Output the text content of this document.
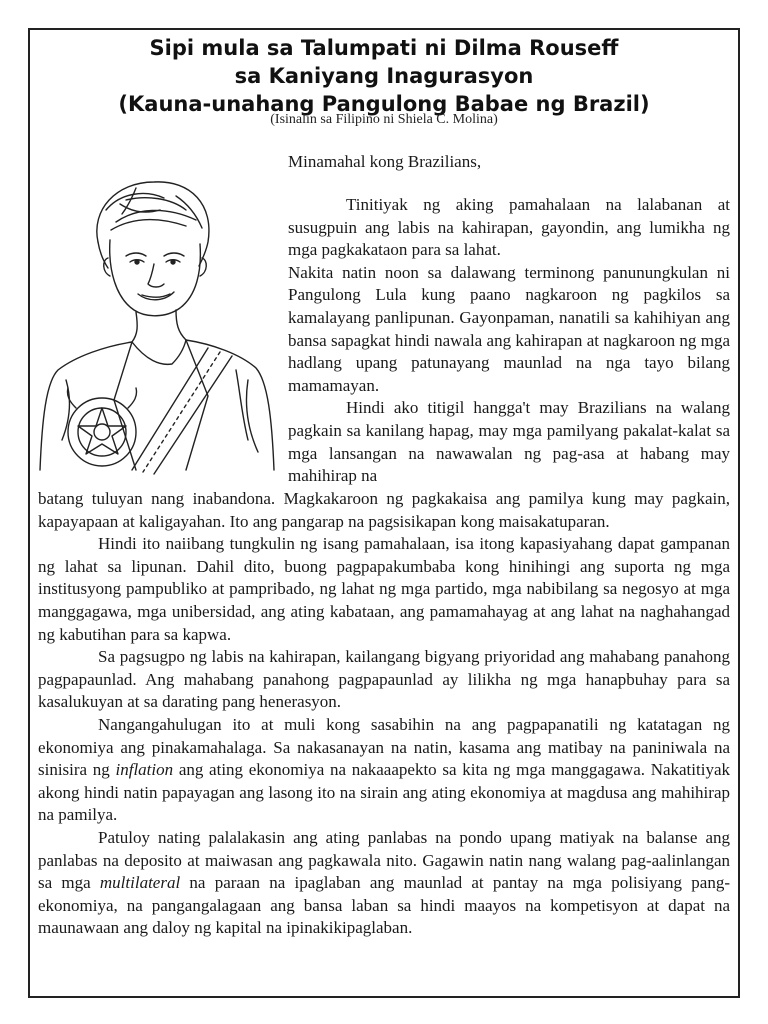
Sipi mula sa Talumpati ni Dilma Rouseff
sa Kaniyang Inagurasyon
(Kauna-unahang Pangulong Babae ng Brazil)
(Isinalin sa Filipino ni Shiela C. Molina)
Minamahal kong Brazilians,

Tinitiyak ng aking pamahalaan na lalabanan at susugpuin ang labis na kahirapan, gayondin, ang lumikha ng mga pagkakataon para sa lahat.

Nakita natin noon sa dalawang terminong panunungkulan ni Pangulong Lula kung paano nagkaroon ng pagkilos sa kamalayang panlipunan. Gayonpaman, nanatili sa kahihiyan ang bansa sapagkat hindi nawala ang kahirapan at nagkaroon ng mga hadlang upang patunayang maunlad na nga tayo bilang mamamayan.

Hindi ako titigil hangga't may Brazilians na walang pagkain sa kanilang hapag, may mga pamilyang pakalat-kalat sa mga lansangan na nawawalan ng pag-asa at habang may mahihirap na

batang tuluyan nang inabandona. Magkakaroon ng pagkakaisa ang pamilya kung may pagkain, kapayapaan at kaligayahan. Ito ang pangarap na pagsisikapan kong maisakatuparan.

Hindi ito naiibang tungkulin ng isang pamahalaan, isa itong kapasiyahang dapat gampanan ng lahat sa lipunan. Dahil dito, buong pagpapakumbaba kong hinihingi ang suporta ng mga institusyong pampubliko at pampribado, ng lahat ng mga partido, mga nabibilang sa negosyo at mga manggagawa, mga unibersidad, ang ating kabataan, ang pamamahayag at ang lahat na naghahangad ng kabutihan para sa kapwa.

Sa pagsugpo ng labis na kahirapan, kailangang bigyang priyoridad ang mahabang panahong pagpapaunlad. Ang mahabang panahong pagpapaunlad ay lilikha ng mga hanapbuhay para sa kasalukuyan at sa darating pang henerasyon.

Nangangahulugan ito at muli kong sasabihin na ang pagpapanatili ng katatagan ng ekonomiya ang pinakamahalaga. Sa nakasanayan na natin, kasama ang matibay na paniniwala na sinisira ng inflation ang ating ekonomiya na nakaaapekto sa kita ng mga manggagawa. Nakatitiyak akong hindi natin papayagan ang lasong ito na sirain ang ating ekonomiya at magdusa ang mahihirap na pamilya.

Patuloy nating palalakasin ang ating panlabas na pondo upang matiyak na balanse ang panlabas na deposito at maiwasan ang pagkawala nito. Gagawin natin nang walang pag-aalinlangan sa mga multilateral na paraan na ipaglaban ang maunlad at pantay na mga polisiyang pang-ekonomiya, na pangangalagaan ang bansa laban sa hindi maayos na kompetisyon at dapat na maunawaan ang daloy ng kapital na ipinakikipaglaban.
